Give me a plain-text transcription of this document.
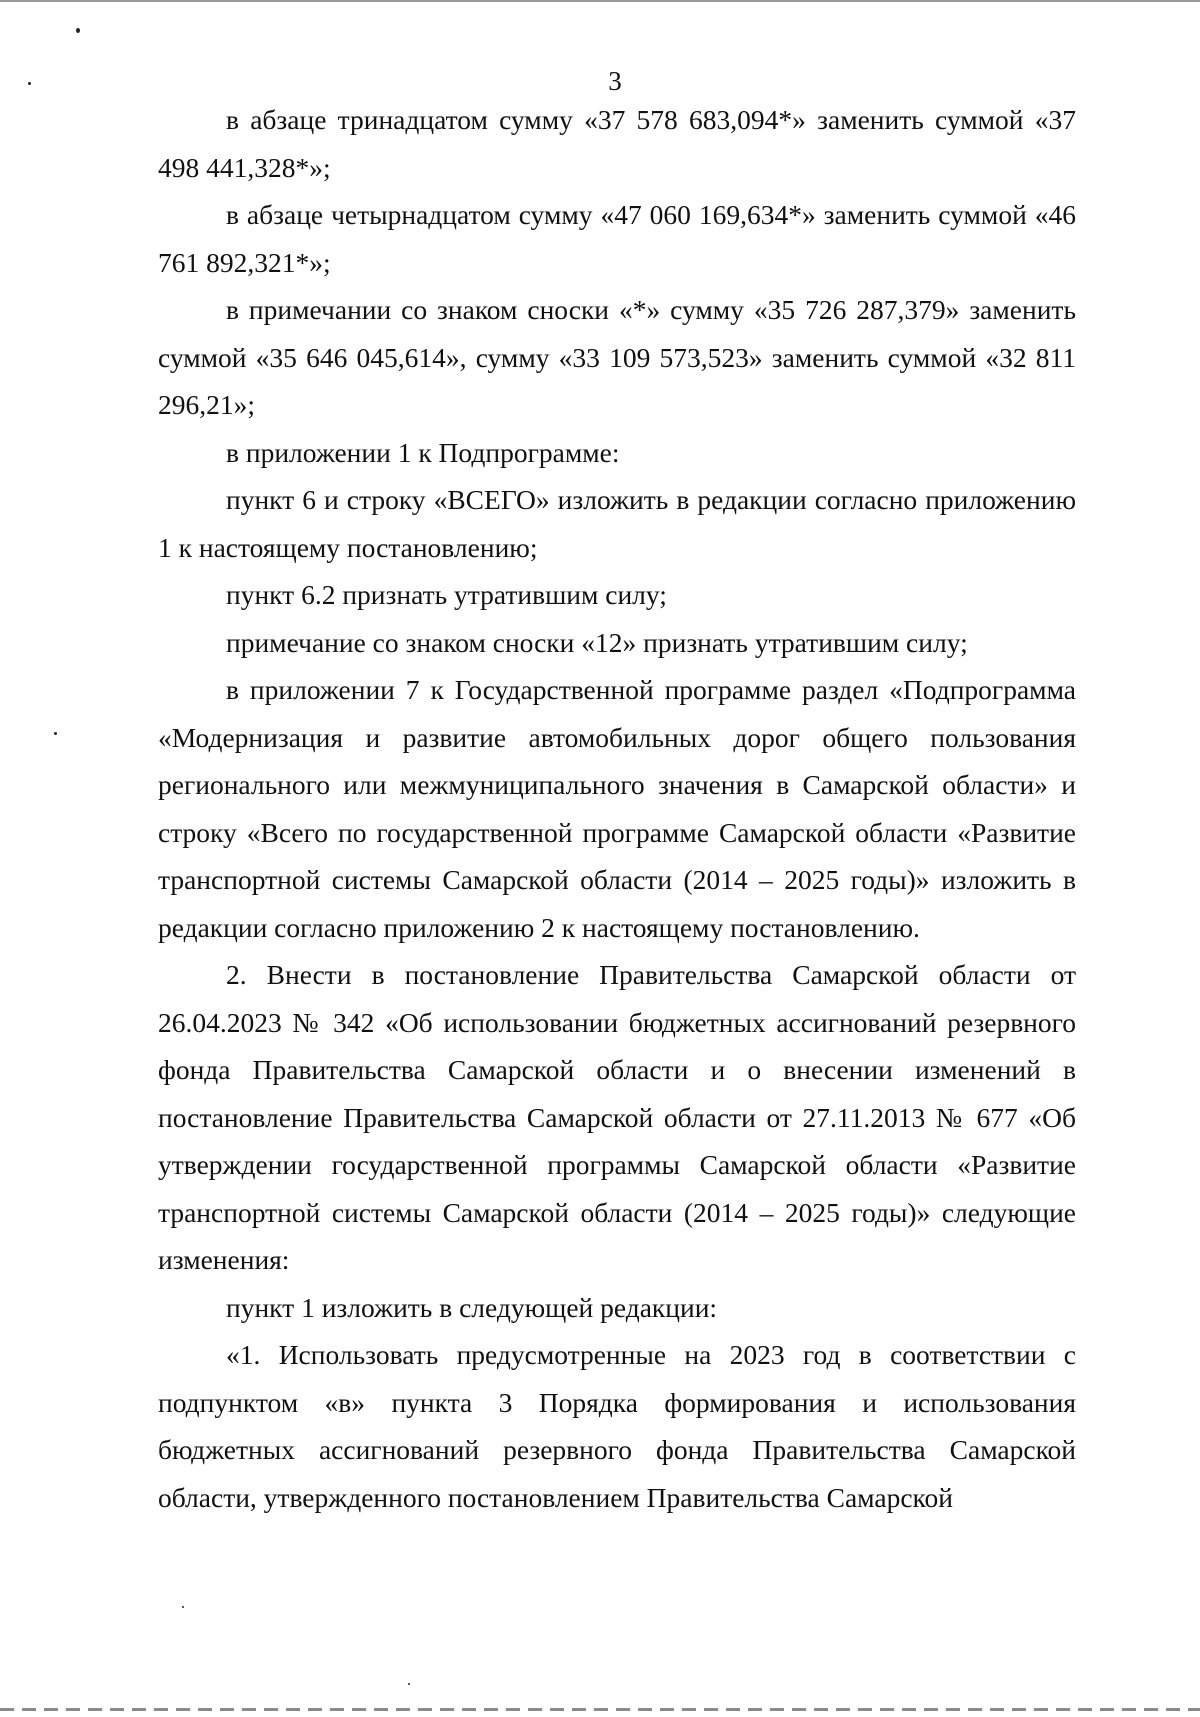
3

в абзаце тринадцатом сумму «37 578 683,094*» заменить суммой «37 498 441,328*»;

в абзаце четырнадцатом сумму «47 060 169,634*» заменить суммой «46 761 892,321*»;

в примечании со знаком сноски «*» сумму «35 726 287,379» заменить суммой «35 646 045,614», сумму «33 109 573,523» заменить суммой «32 811 296,21»;

в приложении 1 к Подпрограмме:

пункт 6 и строку «ВСЕГО» изложить в редакции согласно приложению 1 к настоящему постановлению;

пункт 6.2 признать утратившим силу;

примечание со знаком сноски «12» признать утратившим силу;

в приложении 7 к Государственной программе раздел «Подпрограмма «Модернизация и развитие автомобильных дорог общего пользования регионального или межмуниципального значения в Самарской области» и строку «Всего по государственной программе Самарской области «Развитие транспортной системы Самарской области (2014 – 2025 годы)» изложить в редакции согласно приложению 2 к настоящему постановлению.

2. Внести в постановление Правительства Самарской области от 26.04.2023 № 342 «Об использовании бюджетных ассигнований резервного фонда Правительства Самарской области и о внесении изменений в постановление Правительства Самарской области от 27.11.2013 № 677 «Об утверждении государственной программы Самарской области «Развитие транспортной системы Самарской области (2014 – 2025 годы)» следующие изменения:

пункт 1 изложить в следующей редакции:

«1. Использовать предусмотренные на 2023 год в соответствии с подпунктом «в» пункта 3 Порядка формирования и использования бюджетных ассигнований резервного фонда Правительства Самарской области, утвержденного постановлением Правительства Самарской
